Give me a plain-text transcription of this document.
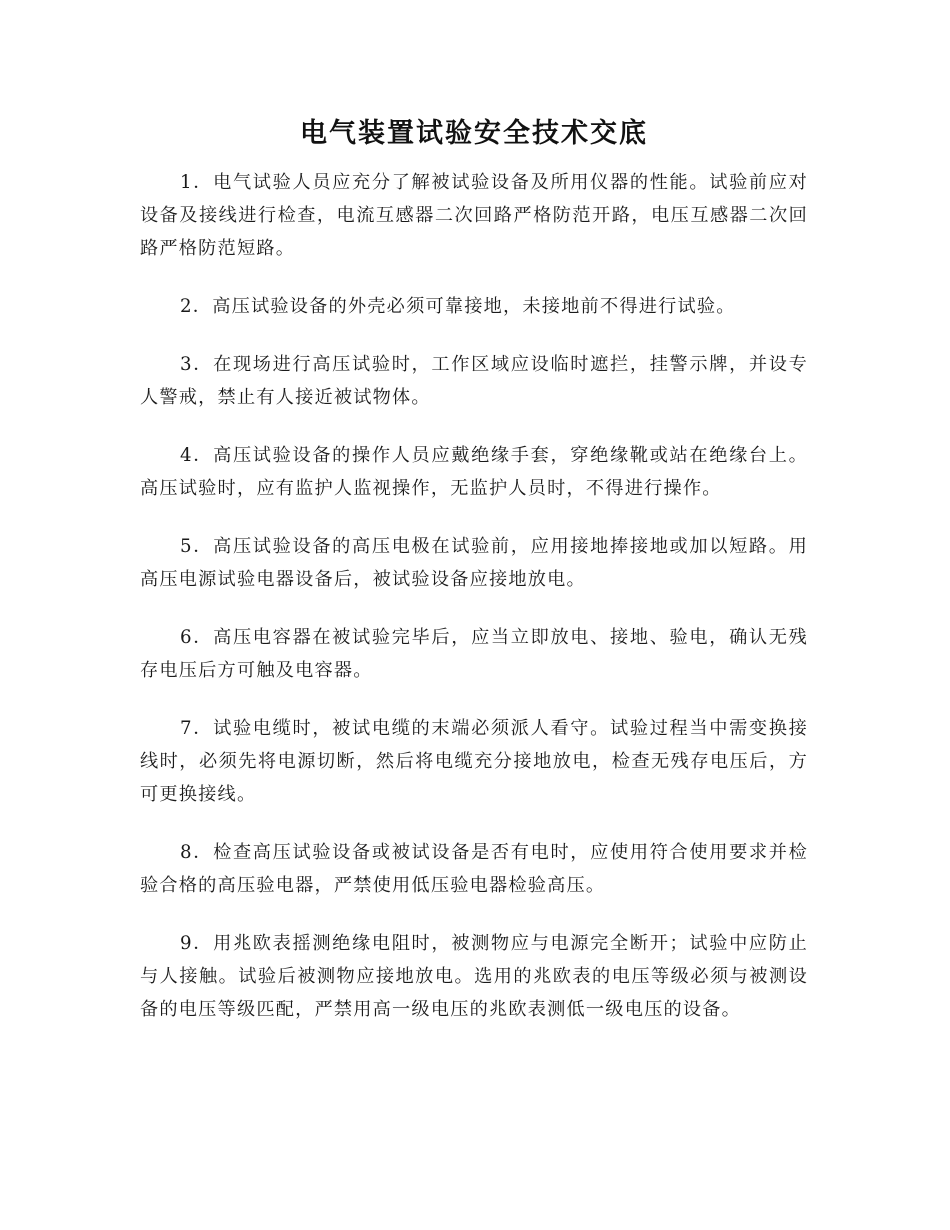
电气装置试验安全技术交底
1．电气试验人员应充分了解被试验设备及所用仪器的性能。试验前应对设备及接线进行检查，电流互感器二次回路严格防范开路，电压互感器二次回路严格防范短路。
2．高压试验设备的外壳必须可靠接地，未接地前不得进行试验。
3．在现场进行高压试验时，工作区域应设临时遮拦，挂警示牌，并设专人警戒，禁止有人接近被试物体。
4．高压试验设备的操作人员应戴绝缘手套，穿绝缘靴或站在绝缘台上。高压试验时，应有监护人监视操作，无监护人员时，不得进行操作。
5．高压试验设备的高压电极在试验前，应用接地捧接地或加以短路。用高压电源试验电器设备后，被试验设备应接地放电。
6．高压电容器在被试验完毕后，应当立即放电、接地、验电，确认无残存电压后方可触及电容器。
7．试验电缆时，被试电缆的末端必须派人看守。试验过程当中需变换接线时，必须先将电源切断，然后将电缆充分接地放电，检查无残存电压后，方可更换接线。
8．检查高压试验设备或被试设备是否有电时，应使用符合使用要求并检验合格的高压验电器，严禁使用低压验电器检验高压。
9．用兆欧表摇测绝缘电阻时，被测物应与电源完全断开；试验中应防止与人接触。试验后被测物应接地放电。选用的兆欧表的电压等级必须与被测设备的电压等级匹配，严禁用高一级电压的兆欧表测低一级电压的设备。
